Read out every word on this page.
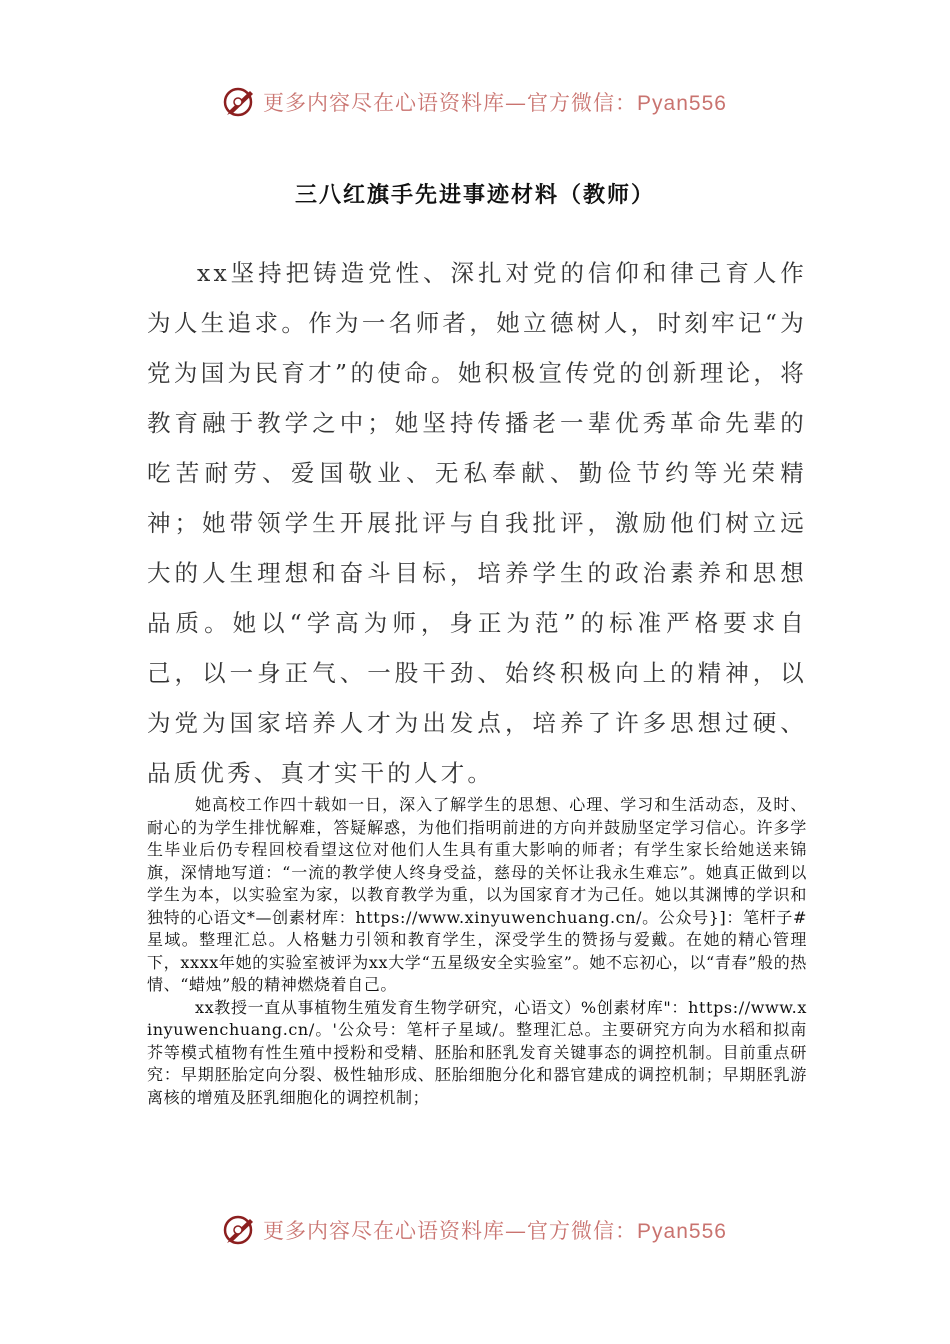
更多内容尽在心语资料库—官方微信：Pyan556
三八红旗手先进事迹材料（教师）

xx坚持把铸造党性、深扎对党的信仰和律己育人作为人生追求。作为一名师者，她立德树人，时刻牢记“为党为国为民育才”的使命。她积极宣传党的创新理论，将教育融于教学之中；她坚持传播老一辈优秀革命先辈的吃苦耐劳、爱国敬业、无私奉献、勤俭节约等光荣精神；她带领学生开展批评与自我批评，激励他们树立远大的人生理想和奋斗目标，培养学生的政治素养和思想品质。她以“学高为师，身正为范”的标准严格要求自己，以一身正气、一股干劲、始终积极向上的精神，以为党为国家培养人才为出发点，培养了许多思想过硬、品质优秀、真才实干的人才。

她高校工作四十载如一日，深入了解学生的思想、心理、学习和生活动态，及时、耐心的为学生排忧解难，答疑解惑，为他们指明前进的方向并鼓励坚定学习信心。许多学生毕业后仍专程回校看望这位对他们人生具有重大影响的师者；有学生家长给她送来锦旗，深情地写道：“一流的教学使人终身受益，慈母的关怀让我永生难忘”。她真正做到以学生为本，以实验室为家，以教育教学为重，以为国家育才为己任。她以其渊博的学识和独特的心语文*—创素材库：https://www.xinyuwenchuang.cn/。公众号}]：笔杆子#星域。整理汇总。人格魅力引领和教育学生，深受学生的赞扬与爱戴。在她的精心管理下，xxxx年她的实验室被评为xx大学“五星级安全实验室”。她不忘初心，以“青春”般的热情、“蜡烛”般的精神燃烧着自己。

xx教授一直从事植物生殖发育生物学研究，心语文）%创素材库"：https://www.xinyuwenchuang.cn/。'公众号：笔杆子星域/。整理汇总。主要研究方向为水稻和拟南芥等模式植物有性生殖中授粉和受精、胚胎和胚乳发育关键事态的调控机制。目前重点研究：早期胚胎定向分裂、极性轴形成、胚胎细胞分化和器官建成的调控机制；早期胚乳游离核的增殖及胚乳细胞化的调控机制；

更多内容尽在心语资料库—官方微信：Pyan556
